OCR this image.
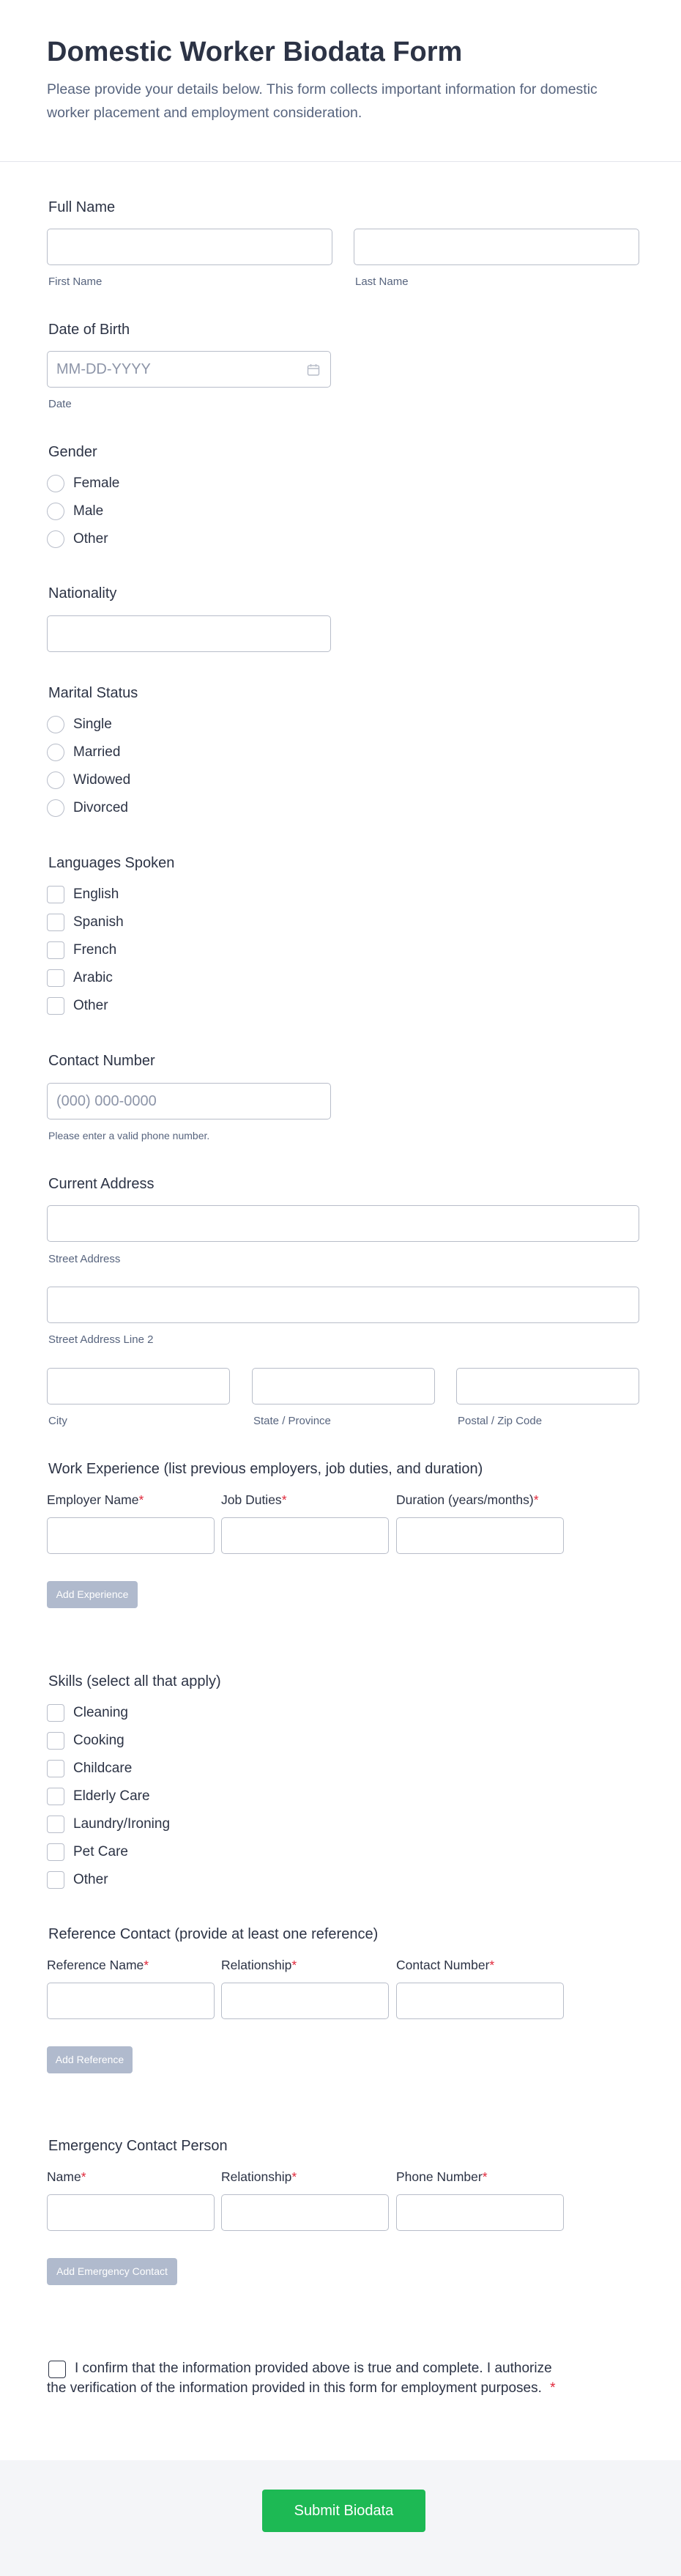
Domestic Worker Biodata Form
Please provide your details below. This form collects important information for domestic worker placement and employment consideration.
Full Name
First Name	Last Name
Date of Birth
MM-DD-YYYY
Date
Gender
Female
Male
Other
Nationality
Marital Status
Single
Married
Widowed
Divorced
Languages Spoken
English
Spanish
French
Arabic
Other
Contact Number
(000) 000-0000
Please enter a valid phone number.
Current Address
Street Address
Street Address Line 2
City	State / Province	Postal / Zip Code
Work Experience (list previous employers, job duties, and duration)
Employer Name*	Job Duties*	Duration (years/months)*
Add Experience
Skills (select all that apply)
Cleaning
Cooking
Childcare
Elderly Care
Laundry/Ironing
Pet Care
Other
Reference Contact (provide at least one reference)
Reference Name*	Relationship*	Contact Number*
Add Reference
Emergency Contact Person
Name*	Relationship*	Phone Number*
Add Emergency Contact
I confirm that the information provided above is true and complete. I authorize the verification of the information provided in this form for employment purposes. *
Submit Biodata
